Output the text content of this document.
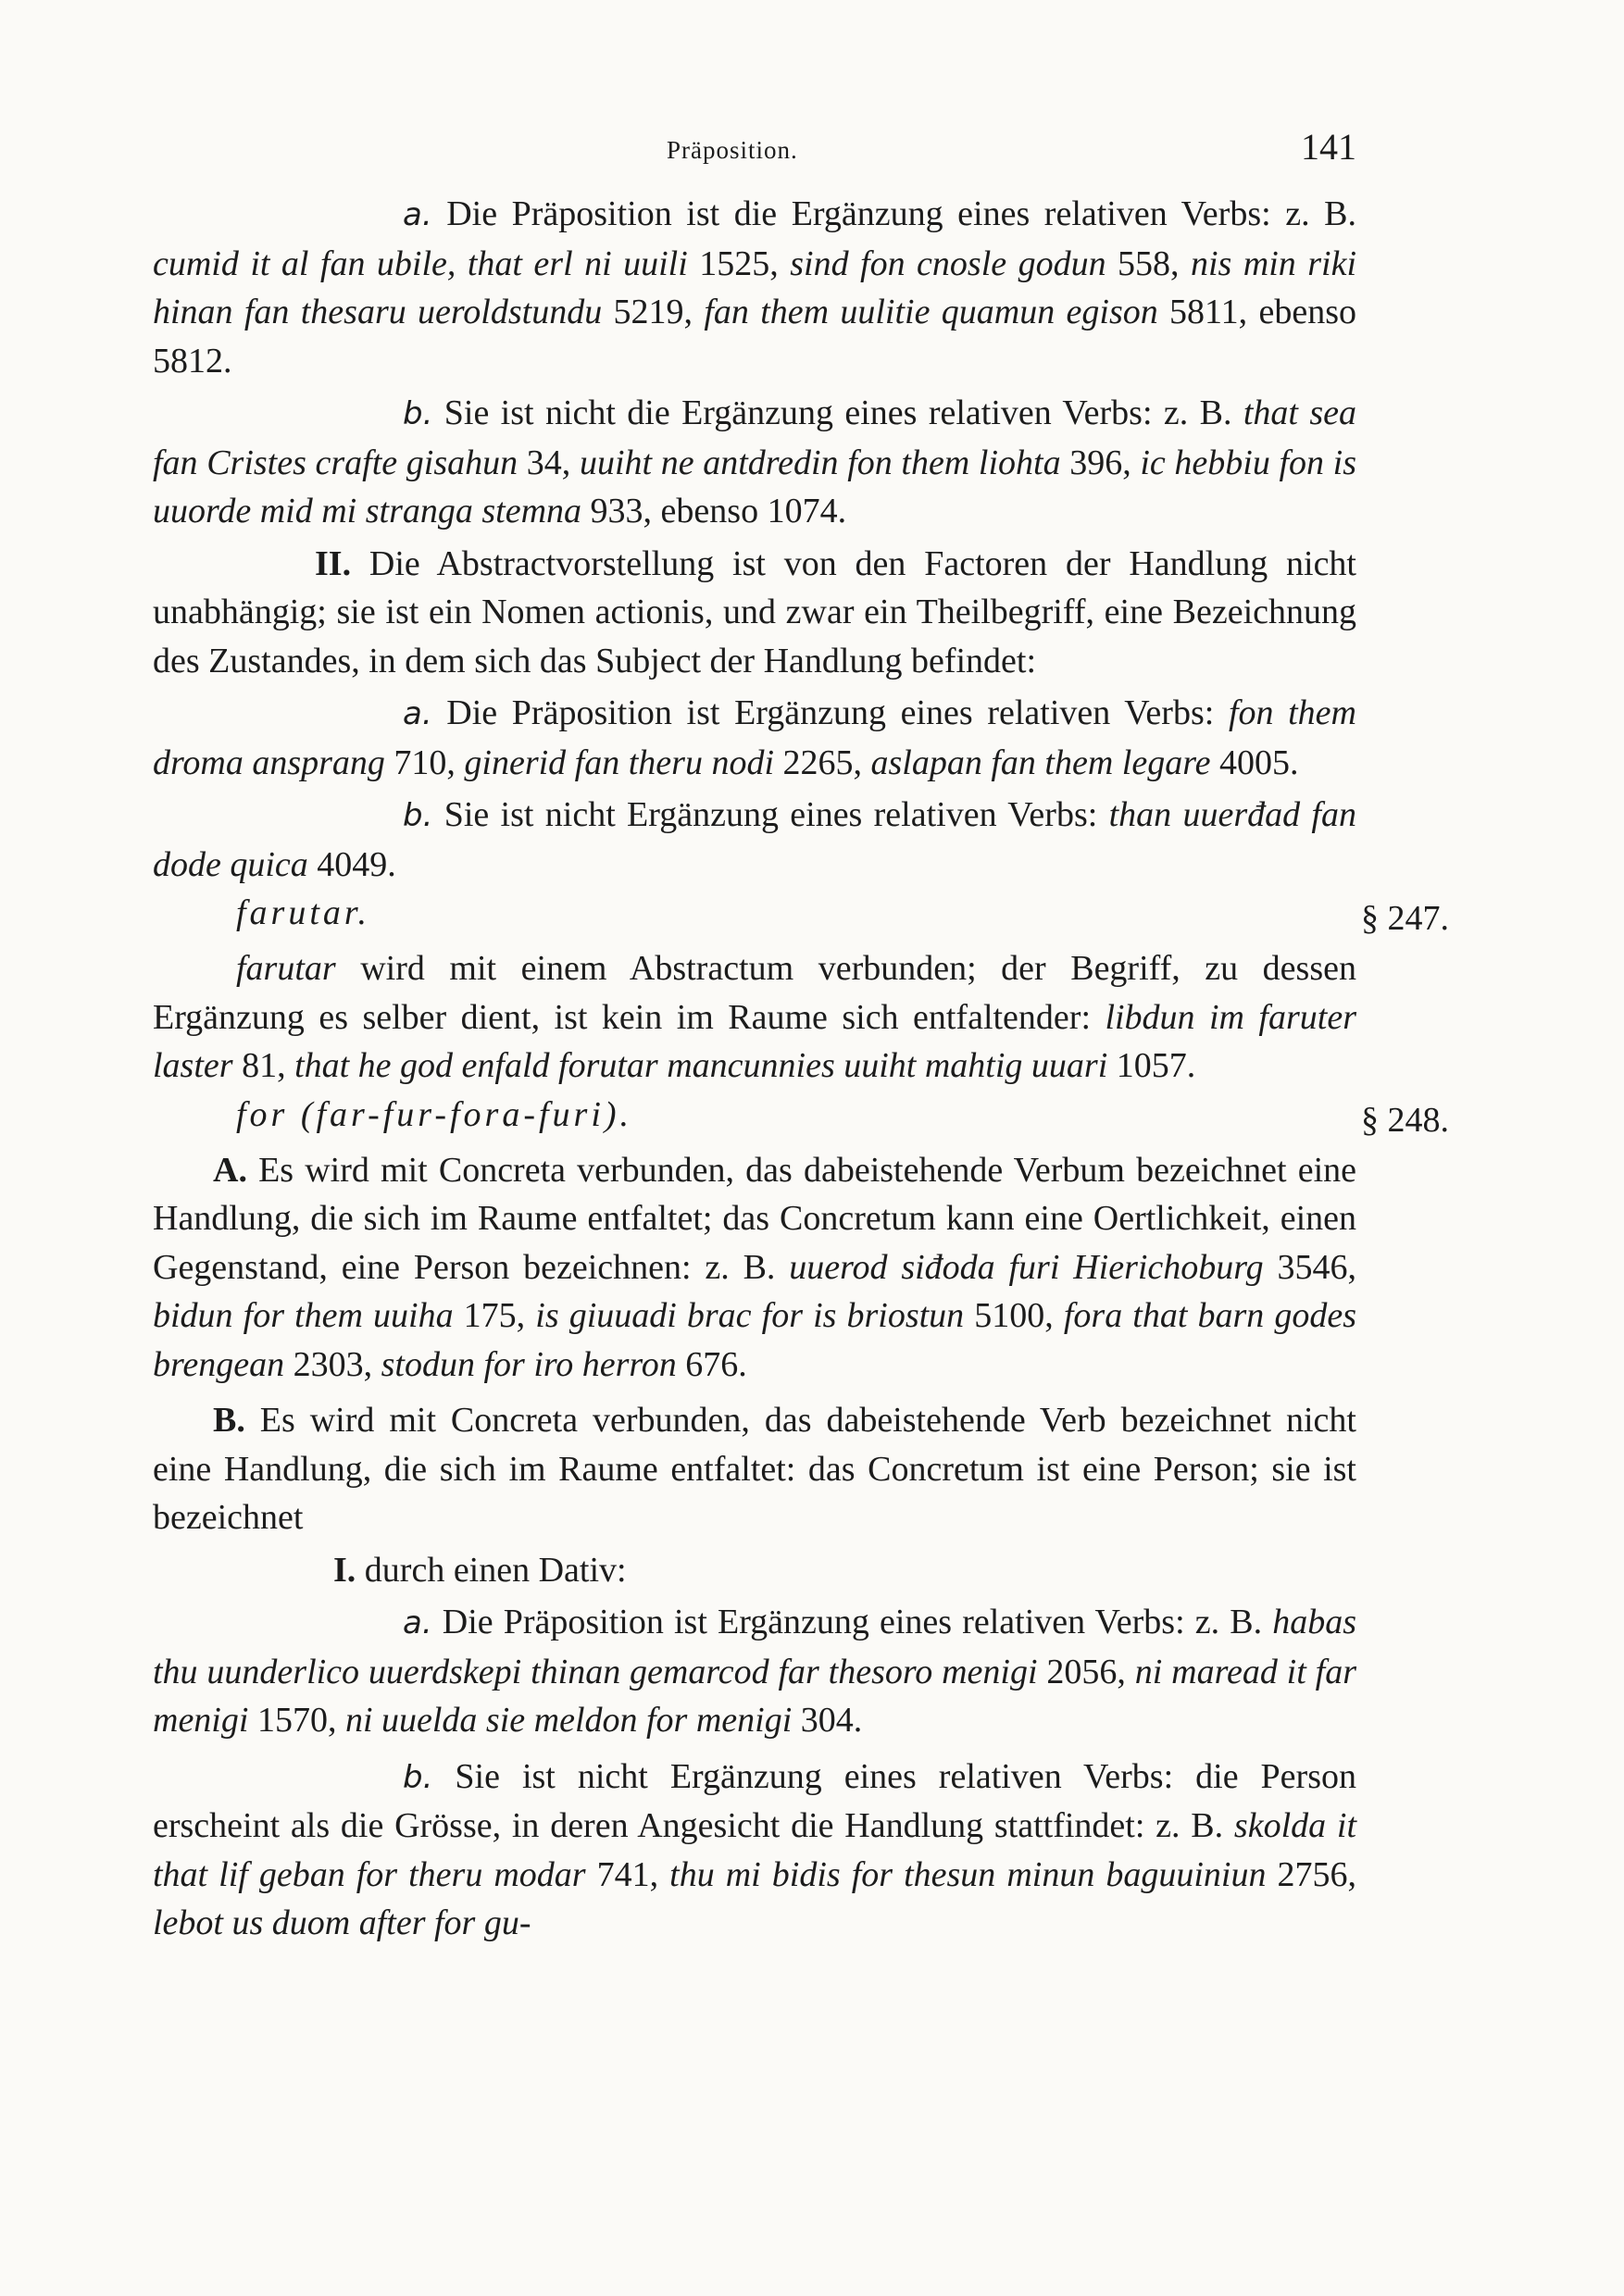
Präposition.	141

a. Die Präposition ist die Ergänzung eines relativen Verbs: z. B. cumid it al fan ubile, that erl ni uuili 1525, sind fon cnosle godun 558, nis min riki hinan fan thesaru ueroldstundu 5219, fan them uulitie quamun egison 5811, ebenso 5812.

b. Sie ist nicht die Ergänzung eines relativen Verbs: z. B. that sea fan Cristes crafte gisahun 34, uuiht ne antdredin fon them liohta 396, ic hebbiu fon is uuorde mid mi stranga stemna 933, ebenso 1074.

II. Die Abstractvorstellung ist von den Factoren der Handlung nicht unabhängig; sie ist ein Nomen actionis, und zwar ein Theilbegriff, eine Bezeichnung des Zustandes, in dem sich das Subject der Handlung befindet:

a. Die Präposition ist Ergänzung eines relativen Verbs: fon them droma ansprang 710, ginerid fan theru nodi 2265, aslapan fan them legare 4005.

b. Sie ist nicht Ergänzung eines relativen Verbs: than uuerđad fan dode quica 4049.

farutar.	§ 247.

farutar wird mit einem Abstractum verbunden; der Begriff, zu dessen Ergänzung es selber dient, ist kein im Raume sich entfaltender: libdun im faruter laster 81, that he god enfald forutar mancunnies uuiht mahtig uuari 1057.

for (far-fur-fora-furi).	§ 248.

A. Es wird mit Concreta verbunden, das dabeistehende Verbum bezeichnet eine Handlung, die sich im Raume entfaltet; das Concretum kann eine Oertlichkeit, einen Gegenstand, eine Person bezeichnen: z. B. uuerod siđoda furi Hierichoburg 3546, bidun for them uuiha 175, is giuuadi brac for is briostun 5100, fora that barn godes brengean 2303, stodun for iro herron 676.

B. Es wird mit Concreta verbunden, das dabeistehende Verb bezeichnet nicht eine Handlung, die sich im Raume entfaltet: das Concretum ist eine Person; sie ist bezeichnet

I. durch einen Dativ:

a. Die Präposition ist Ergänzung eines relativen Verbs: z. B. habas thu uunderlico uuerdskepi thinan gemarcod far thesoro menigi 2056, ni maread it far menigi 1570, ni uuelda sie meldon for menigi 304.

b. Sie ist nicht Ergänzung eines relativen Verbs: die Person erscheint als die Grösse, in deren Angesicht die Handlung stattfindet: z. B. skolda it that lif geban for theru modar 741, thu mi bidis for thesun minun baguuiniun 2756, lebot us duom after for gu-
